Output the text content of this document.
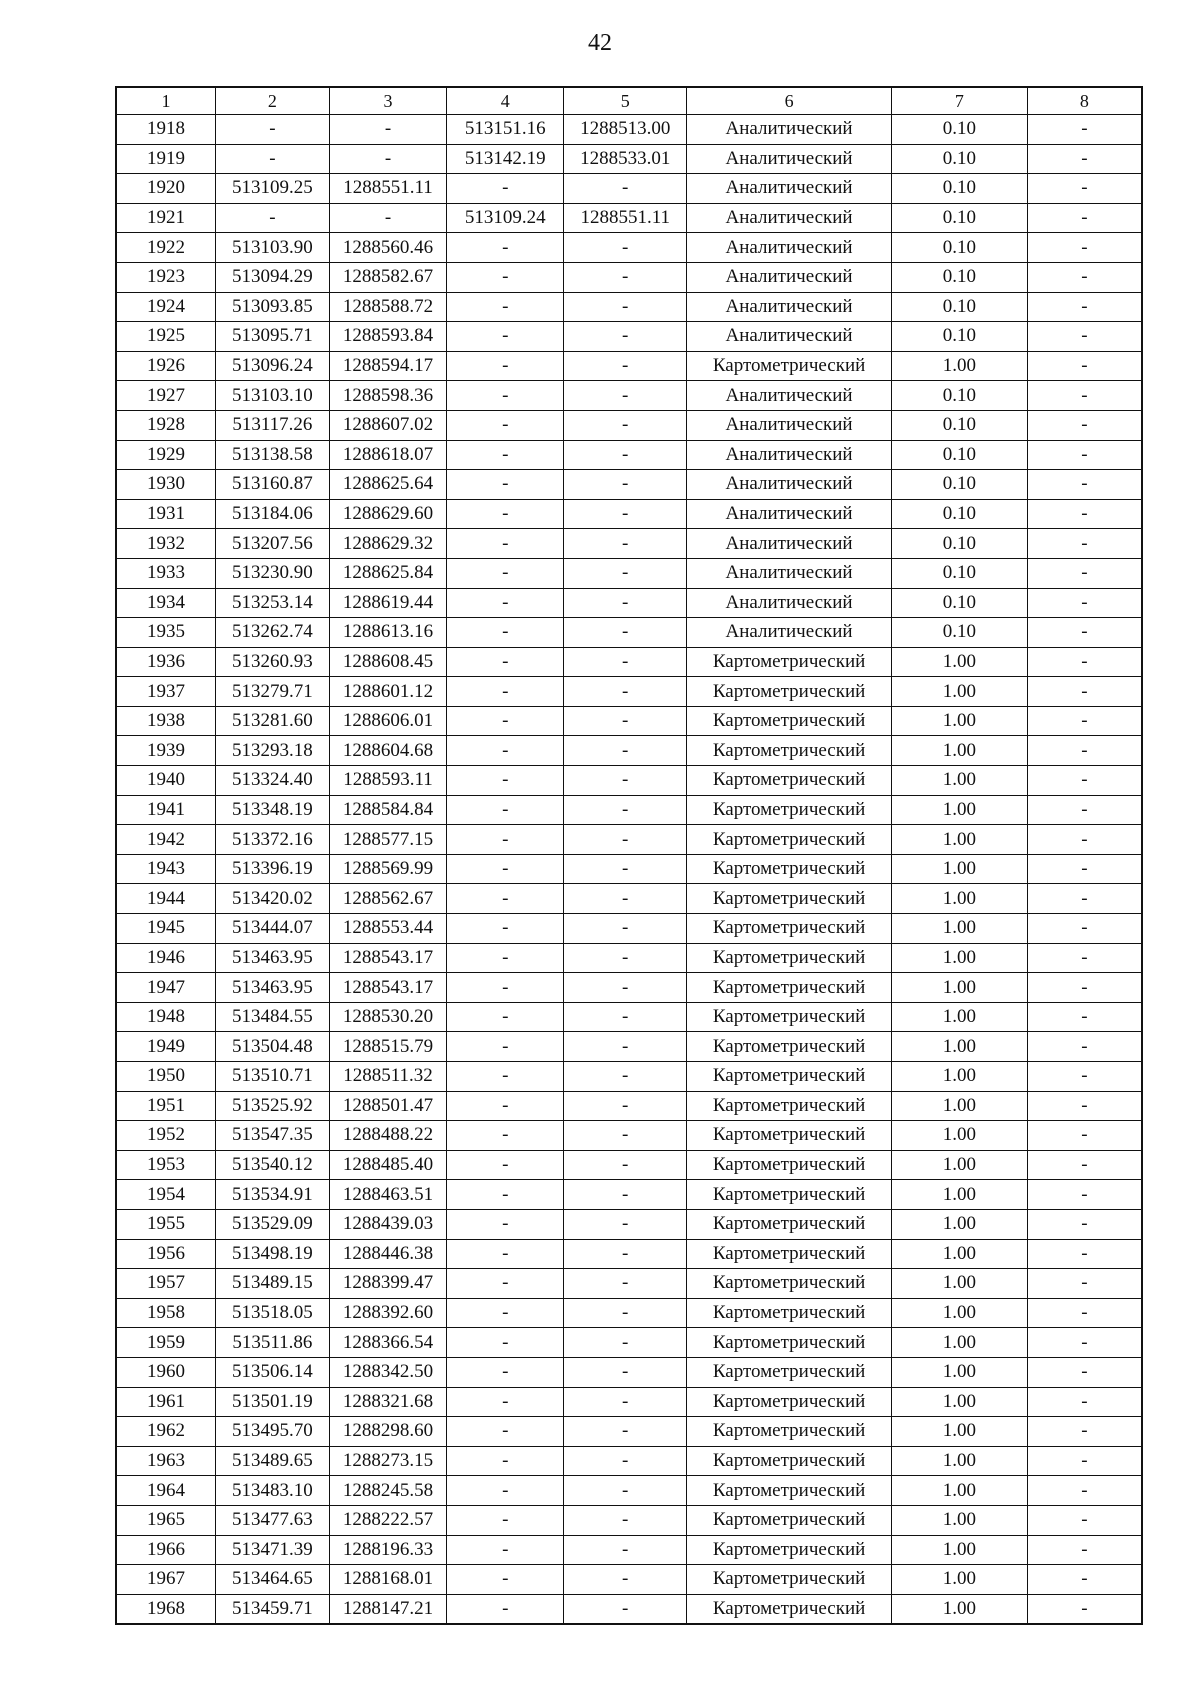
42
1	2	3	4	5	6	7	8
1918	-	-	513151.16	1288513.00	Аналитический	0.10	-
1919	-	-	513142.19	1288533.01	Аналитический	0.10	-
1920	513109.25	1288551.11	-	-	Аналитический	0.10	-
1921	-	-	513109.24	1288551.11	Аналитический	0.10	-
1922	513103.90	1288560.46	-	-	Аналитический	0.10	-
1923	513094.29	1288582.67	-	-	Аналитический	0.10	-
1924	513093.85	1288588.72	-	-	Аналитический	0.10	-
1925	513095.71	1288593.84	-	-	Аналитический	0.10	-
1926	513096.24	1288594.17	-	-	Картометрический	1.00	-
1927	513103.10	1288598.36	-	-	Аналитический	0.10	-
1928	513117.26	1288607.02	-	-	Аналитический	0.10	-
1929	513138.58	1288618.07	-	-	Аналитический	0.10	-
1930	513160.87	1288625.64	-	-	Аналитический	0.10	-
1931	513184.06	1288629.60	-	-	Аналитический	0.10	-
1932	513207.56	1288629.32	-	-	Аналитический	0.10	-
1933	513230.90	1288625.84	-	-	Аналитический	0.10	-
1934	513253.14	1288619.44	-	-	Аналитический	0.10	-
1935	513262.74	1288613.16	-	-	Аналитический	0.10	-
1936	513260.93	1288608.45	-	-	Картометрический	1.00	-
1937	513279.71	1288601.12	-	-	Картометрический	1.00	-
1938	513281.60	1288606.01	-	-	Картометрический	1.00	-
1939	513293.18	1288604.68	-	-	Картометрический	1.00	-
1940	513324.40	1288593.11	-	-	Картометрический	1.00	-
1941	513348.19	1288584.84	-	-	Картометрический	1.00	-
1942	513372.16	1288577.15	-	-	Картометрический	1.00	-
1943	513396.19	1288569.99	-	-	Картометрический	1.00	-
1944	513420.02	1288562.67	-	-	Картометрический	1.00	-
1945	513444.07	1288553.44	-	-	Картометрический	1.00	-
1946	513463.95	1288543.17	-	-	Картометрический	1.00	-
1947	513463.95	1288543.17	-	-	Картометрический	1.00	-
1948	513484.55	1288530.20	-	-	Картометрический	1.00	-
1949	513504.48	1288515.79	-	-	Картометрический	1.00	-
1950	513510.71	1288511.32	-	-	Картометрический	1.00	-
1951	513525.92	1288501.47	-	-	Картометрический	1.00	-
1952	513547.35	1288488.22	-	-	Картометрический	1.00	-
1953	513540.12	1288485.40	-	-	Картометрический	1.00	-
1954	513534.91	1288463.51	-	-	Картометрический	1.00	-
1955	513529.09	1288439.03	-	-	Картометрический	1.00	-
1956	513498.19	1288446.38	-	-	Картометрический	1.00	-
1957	513489.15	1288399.47	-	-	Картометрический	1.00	-
1958	513518.05	1288392.60	-	-	Картометрический	1.00	-
1959	513511.86	1288366.54	-	-	Картометрический	1.00	-
1960	513506.14	1288342.50	-	-	Картометрический	1.00	-
1961	513501.19	1288321.68	-	-	Картометрический	1.00	-
1962	513495.70	1288298.60	-	-	Картометрический	1.00	-
1963	513489.65	1288273.15	-	-	Картометрический	1.00	-
1964	513483.10	1288245.58	-	-	Картометрический	1.00	-
1965	513477.63	1288222.57	-	-	Картометрический	1.00	-
1966	513471.39	1288196.33	-	-	Картометрический	1.00	-
1967	513464.65	1288168.01	-	-	Картометрический	1.00	-
1968	513459.71	1288147.21	-	-	Картометрический	1.00	-
